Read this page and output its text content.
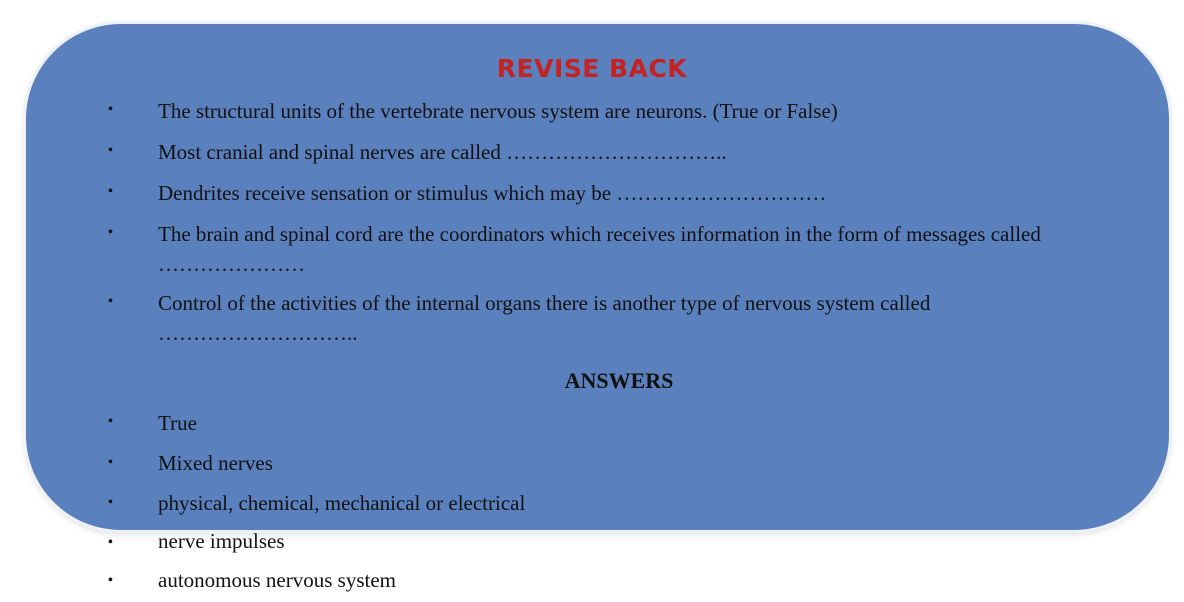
REVISE BACK
• The structural units of the vertebrate nervous system are neurons. (True or False)
• Most cranial and spinal nerves are called …………………………..
• Dendrites receive sensation or stimulus which may be …………………………
• The brain and spinal cord are the coordinators which receives information in the form of messages called …………………
• Control of the activities of the internal organs there is another type of nervous system called ………………………..
ANSWERS
• True
• Mixed nerves
• physical, chemical, mechanical or electrical
• nerve impulses
• autonomous nervous system
